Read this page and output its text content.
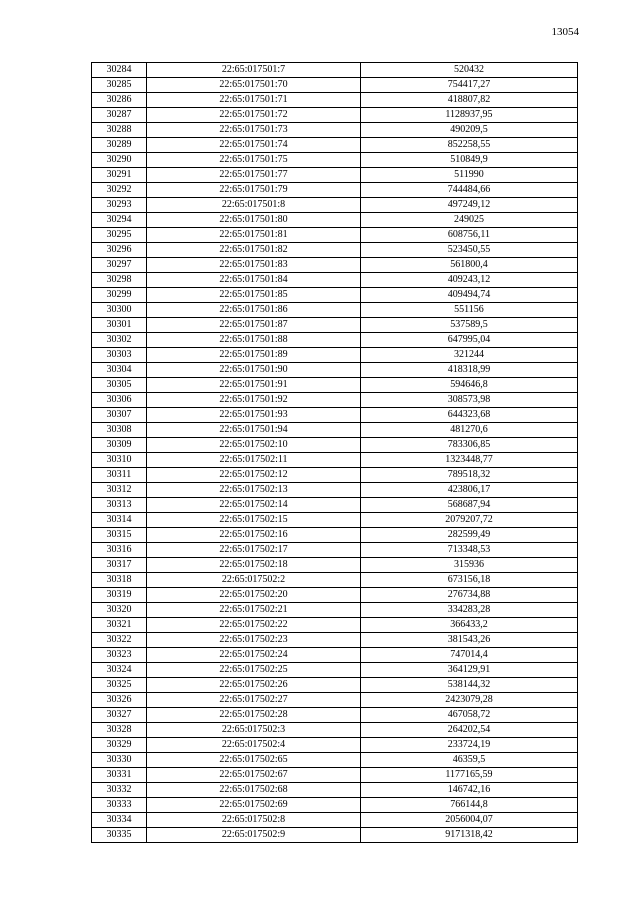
13054
30284	22:65:017501:7	520432
30285	22:65:017501:70	754417,27
30286	22:65:017501:71	418807,82
30287	22:65:017501:72	1128937,95
30288	22:65:017501:73	490209,5
30289	22:65:017501:74	852258,55
30290	22:65:017501:75	510849,9
30291	22:65:017501:77	511990
30292	22:65:017501:79	744484,66
30293	22:65:017501:8	497249,12
30294	22:65:017501:80	249025
30295	22:65:017501:81	608756,11
30296	22:65:017501:82	523450,55
30297	22:65:017501:83	561800,4
30298	22:65:017501:84	409243,12
30299	22:65:017501:85	409494,74
30300	22:65:017501:86	551156
30301	22:65:017501:87	537589,5
30302	22:65:017501:88	647995,04
30303	22:65:017501:89	321244
30304	22:65:017501:90	418318,99
30305	22:65:017501:91	594646,8
30306	22:65:017501:92	308573,98
30307	22:65:017501:93	644323,68
30308	22:65:017501:94	481270,6
30309	22:65:017502:10	783306,85
30310	22:65:017502:11	1323448,77
30311	22:65:017502:12	789518,32
30312	22:65:017502:13	423806,17
30313	22:65:017502:14	568687,94
30314	22:65:017502:15	2079207,72
30315	22:65:017502:16	282599,49
30316	22:65:017502:17	713348,53
30317	22:65:017502:18	315936
30318	22:65:017502:2	673156,18
30319	22:65:017502:20	276734,88
30320	22:65:017502:21	334283,28
30321	22:65:017502:22	366433,2
30322	22:65:017502:23	381543,26
30323	22:65:017502:24	747014,4
30324	22:65:017502:25	364129,91
30325	22:65:017502:26	538144,32
30326	22:65:017502:27	2423079,28
30327	22:65:017502:28	467058,72
30328	22:65:017502:3	264202,54
30329	22:65:017502:4	233724,19
30330	22:65:017502:65	46359,5
30331	22:65:017502:67	1177165,59
30332	22:65:017502:68	146742,16
30333	22:65:017502:69	766144,8
30334	22:65:017502:8	2056004,07
30335	22:65:017502:9	9171318,42
